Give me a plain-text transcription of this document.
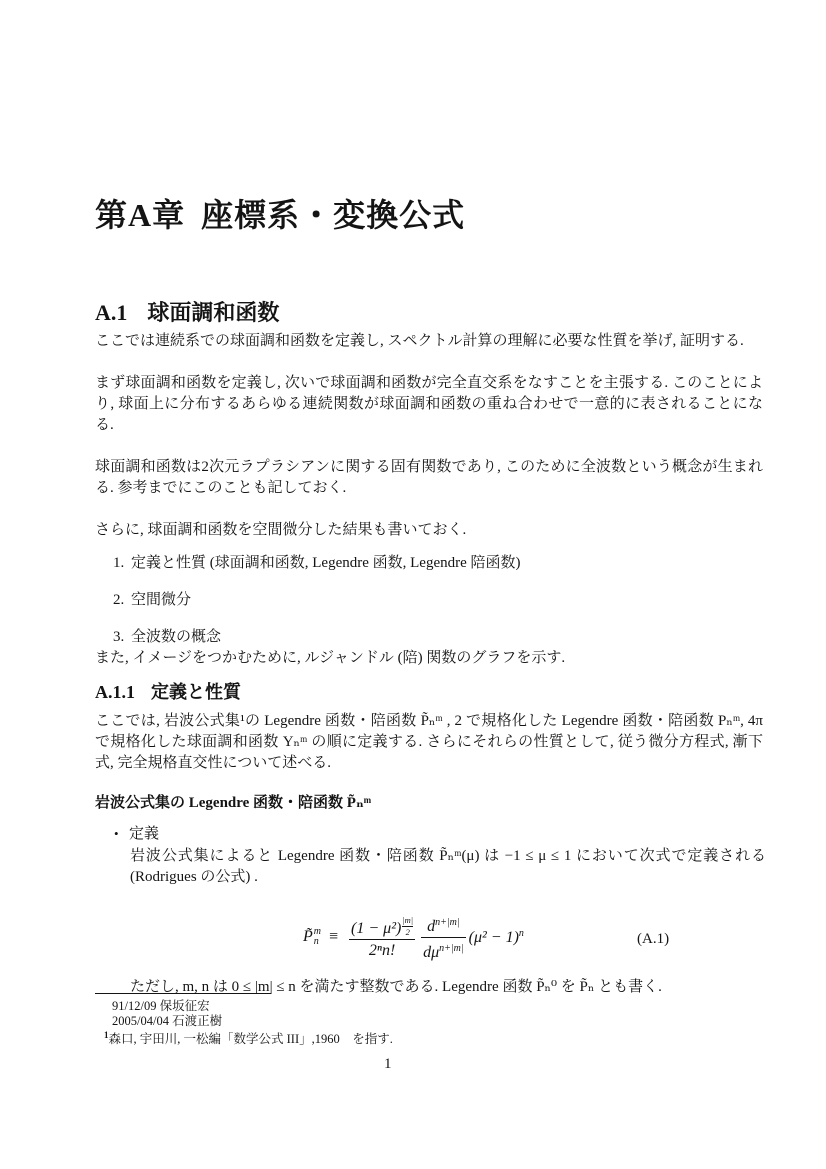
第A章 座標系・変換公式
A.1 球面調和函数
ここでは連続系での球面調和函数を定義し, スペクトル計算の理解に必要な性質を挙げ, 証明する.
まず球面調和函数を定義し, 次いで球面調和函数が完全直交系をなすことを主張する. このことにより, 球面上に分布するあらゆる連続関数が球面調和函数の重ね合わせで一意的に表されることになる.
球面調和函数は2次元ラプラシアンに関する固有関数であり, このために全波数という概念が生まれる. 参考までにこのことも記しておく.
さらに, 球面調和函数を空間微分した結果も書いておく.
1. 定義と性質 (球面調和函数, Legendre 函数, Legendre 陪函数)
2. 空間微分
3. 全波数の概念
また, イメージをつかむために, ルジャンドル (陪) 関数のグラフを示す.
A.1.1 定義と性質
ここでは, 岩波公式集¹の Legendre 函数・陪函数 P̃ₙᵐ , 2 で規格化した Legendre 函数・陪函数 Pₙᵐ, 4π で規格化した球面調和函数 Yₙᵐ の順に定義する. さらにそれらの性質として, 従う微分方程式, 漸下式, 完全規格直交性について述べる.
岩波公式集の Legendre 函数・陪函数 P̃ₙᵐ
• 定義
岩波公式集によると Legendre 函数・陪函数 P̃ₙᵐ(μ) は −1 ≤ μ ≤ 1 において次式で定義される (Rodrigues の公式) .
P̃ m
$n \equiv \frac{(1 - \mu^2) \frac{|m|}{2}}{\text{2ⁿn!}} \frac{d^{n+|m|}}{d\mu^{n+|m|}} (\mu^2 - 1)^n$	(A.1)
ただし, m, n は 0 ≤ |m| ≤ n を満たす整数である. Legendre 函数 P̃ₙ⁰ を P̃ₙ とも書く.
91/12/09 保坂征宏
2005/04/04 石渡正樹
$^1$森口, 宇田川, 一松編「数学公式 III」,1960　を指す.
1
